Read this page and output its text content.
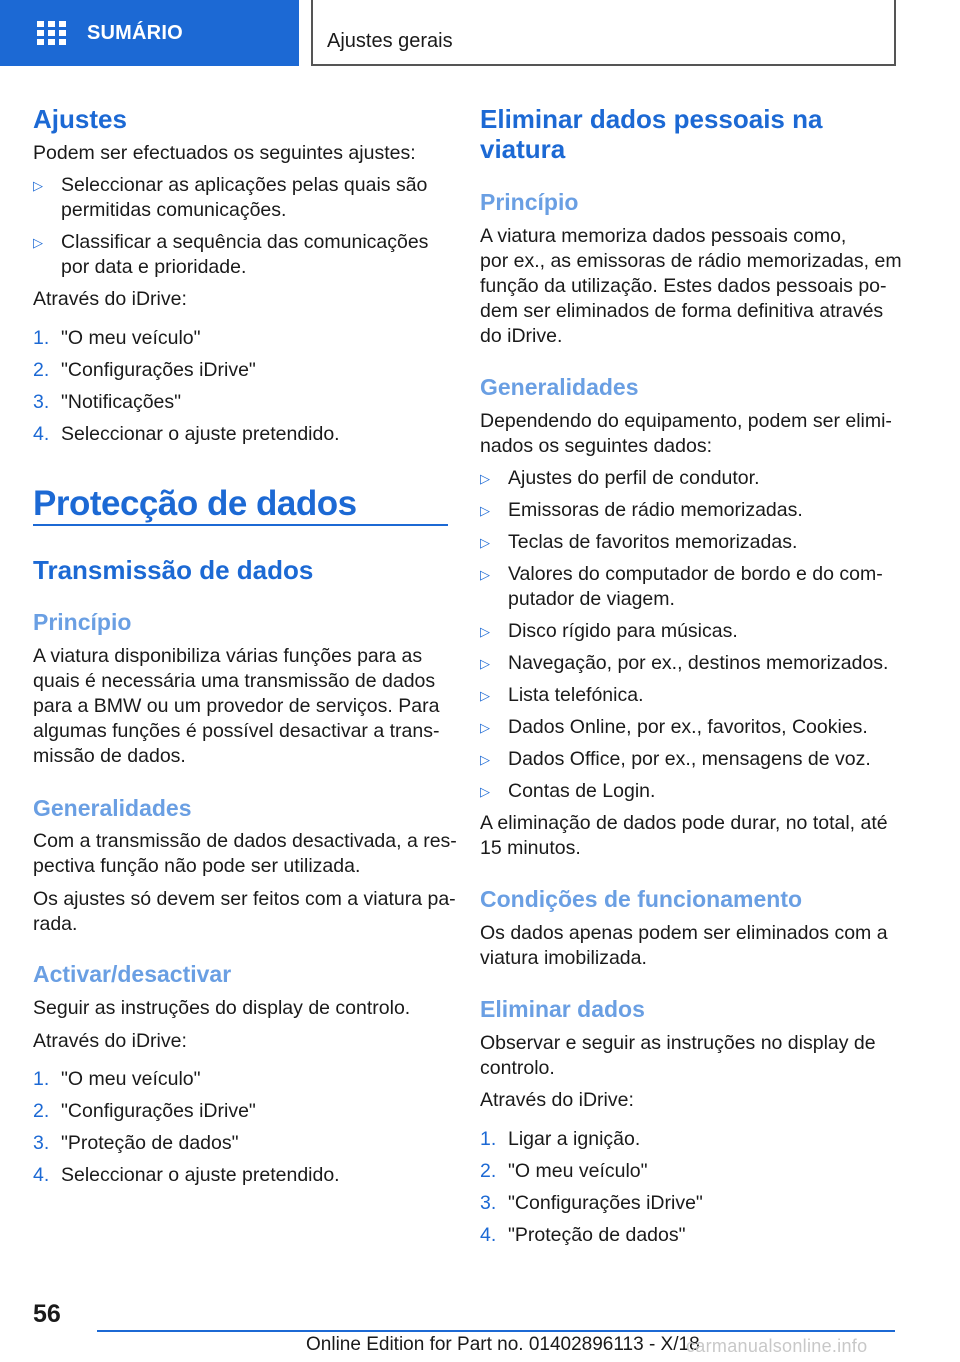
SUMÁRIO	Ajustes gerais
Ajustes
Podem ser efectuados os seguintes ajustes:
▷ Seleccionar as aplicações pelas quais são
permitidas comunicações.
▷ Classificar a sequência das comunicações
por data e prioridade.
Através do iDrive:
1. "O meu veículo"
2. "Configurações iDrive"
3. "Notificações"
4. Seleccionar o ajuste pretendido.
Protecção de dados
Transmissão de dados
Princípio
A viatura disponibiliza várias funções para as
quais é necessária uma transmissão de dados
para a BMW ou um provedor de serviços. Para
algumas funções é possível desactivar a trans-
missão de dados.
Generalidades
Com a transmissão de dados desactivada, a res-
pectiva função não pode ser utilizada.
Os ajustes só devem ser feitos com a viatura pa-
rada.
Activar/desactivar
Seguir as instruções do display de controlo.
Através do iDrive:
1. "O meu veículo"
2. "Configurações iDrive"
3. "Proteção de dados"
4. Seleccionar o ajuste pretendido.
Eliminar dados pessoais na
viatura
Princípio
A viatura memoriza dados pessoais como,
por ex., as emissoras de rádio memorizadas, em
função da utilização. Estes dados pessoais po-
dem ser eliminados de forma definitiva através
do iDrive.
Generalidades
Dependendo do equipamento, podem ser elimi-
nados os seguintes dados:
▷ Ajustes do perfil de condutor.
▷ Emissoras de rádio memorizadas.
▷ Teclas de favoritos memorizadas.
▷ Valores do computador de bordo e do com-
putador de viagem.
▷ Disco rígido para músicas.
▷ Navegação, por ex., destinos memorizados.
▷ Lista telefónica.
▷ Dados Online, por ex., favoritos, Cookies.
▷ Dados Office, por ex., mensagens de voz.
▷ Contas de Login.
A eliminação de dados pode durar, no total, até
15 minutos.
Condições de funcionamento
Os dados apenas podem ser eliminados com a
viatura imobilizada.
Eliminar dados
Observar e seguir as instruções no display de
controlo.
Através do iDrive:
1. Ligar a ignição.
2. "O meu veículo"
3. "Configurações iDrive"
4. "Proteção de dados"
56
Online Edition for Part no. 01402896113 - X/18
carmanualsonline.info
